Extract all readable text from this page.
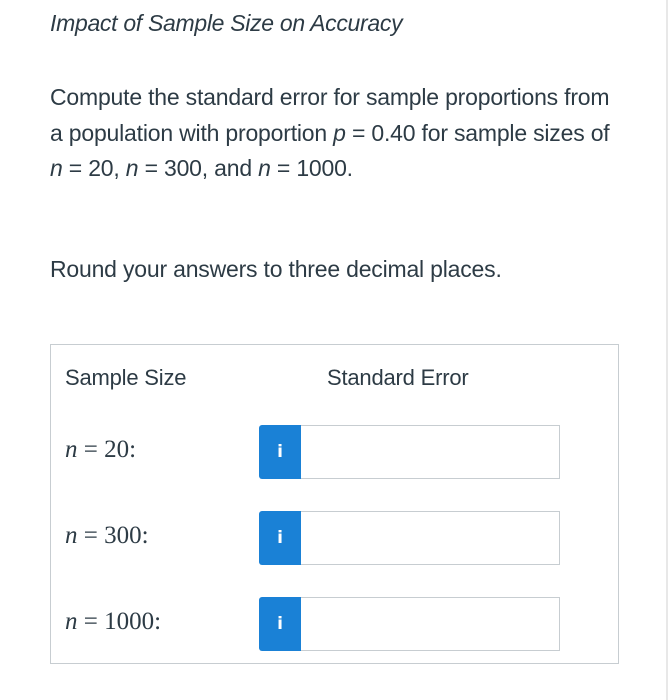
Impact of Sample Size on Accuracy

Compute the standard error for sample proportions from a population with proportion p = 0.40 for sample sizes of n = 20, n = 300, and n = 1000.

Round your answers to three decimal places.
Sample Size	Standard Error
n = 20:	i
n = 300:	i
n = 1000:	i
